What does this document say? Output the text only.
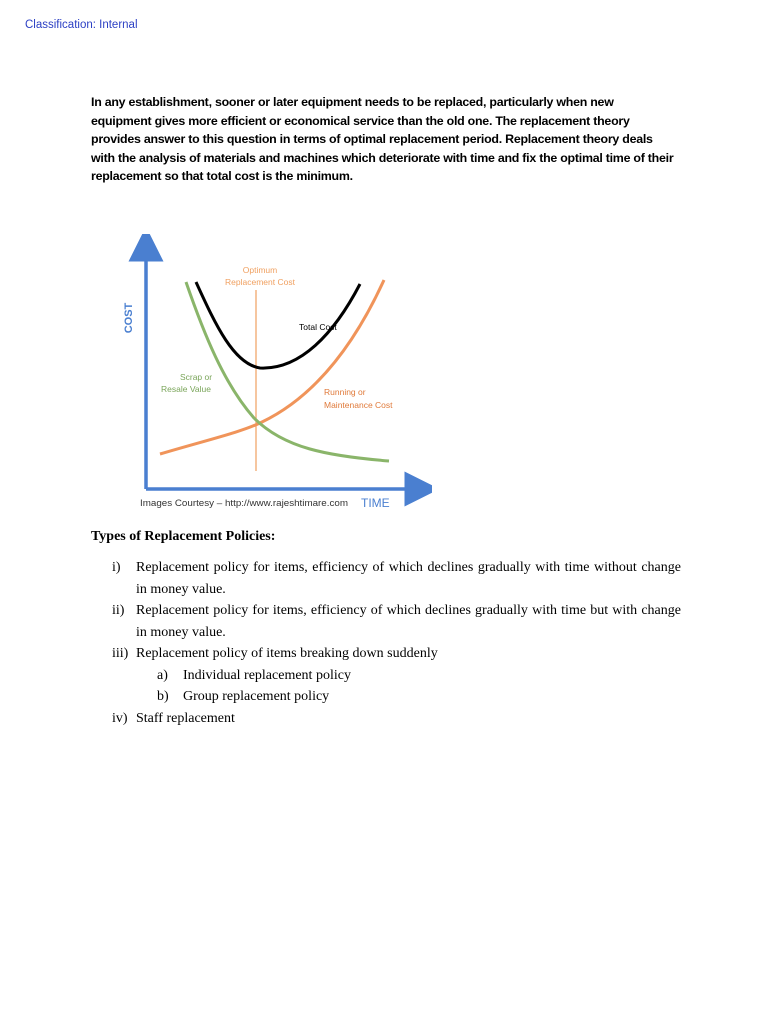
Classification: Internal

In any establishment, sooner or later equipment needs to be replaced, particularly when new
equipment gives more efficient or economical service than the old one. The replacement theory
provides answer to this question in terms of optimal replacement period. Replacement theory deals
with the analysis of materials and machines which deteriorate with time and fix the optimal time of their
replacement so that total cost is the minimum.

COST
TIME
Optimum
Replacement Cost
Total Cost
Scrap or
Resale Value	Running or
Maintenance Cost
Images Courtesy – http://www.rajeshtimare.com
Types of Replacement Policies:
i) Replacement policy for items, efficiency of which declines gradually with time without change in money value.
ii) Replacement policy for items, efficiency of which declines gradually with time but with change in money value.
iii) Replacement policy of items breaking down suddenly
a) Individual replacement policy
b) Group replacement policy
iv) Staff replacement
